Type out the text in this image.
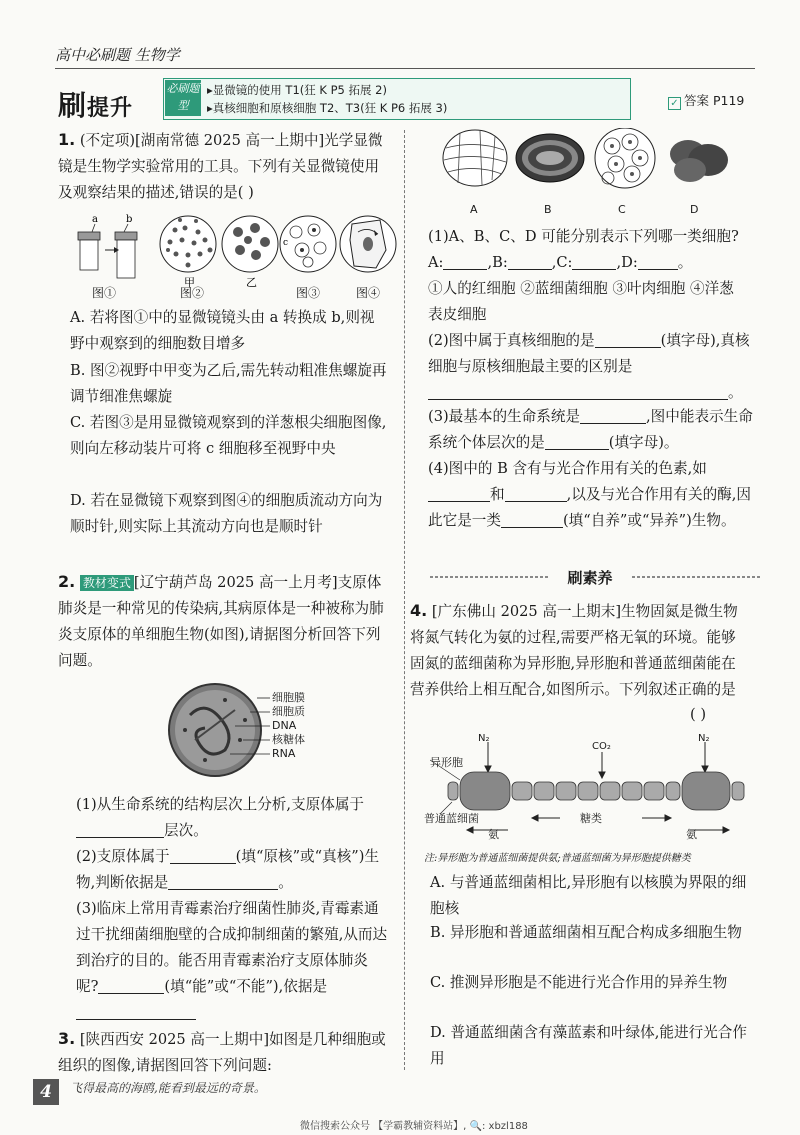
高中必刷题 生物学
刷提升
必刷题型
▸显微镜的使用 T1(狂 K P5 拓展 2)
▸真核细胞和原核细胞 T2、T3(狂 K P6 拓展 3)	✓ 答案 P119
1. (不定项)[湖南常德 2025 高一上期中]光学显微镜是生物学实验常用的工具。下列有关显微镜使用及观察结果的描述,错误的是( )
a	b
甲	乙
c
图①	图②	图③	图④
A. 若将图①中的显微镜镜头由 a 转换成 b,则视野中观察到的细胞数目增多
B. 图②视野中甲变为乙后,需先转动粗准焦螺旋再调节细准焦螺旋
C. 若图③是用显微镜观察到的洋葱根尖细胞图像,则向左移动装片可将 c 细胞移至视野中央
D. 若在显微镜下观察到图④的细胞质流动方向为顺时针,则实际上其流动方向也是顺时针
2. 教材变式 [辽宁葫芦岛 2025 高一上月考]支原体肺炎是一种常见的传染病,其病原体是一种被称为肺炎支原体的单细胞生物(如图),请据图分析回答下列问题。
细胞膜
细胞质
DNA
核糖体
RNA
(1)从生命系统的结构层次上分析,支原体属于层次。
(2)支原体属于	(填“原核”或“真核”)生物,判断依据是	。
(3)临床上常用青霉素治疗细菌性肺炎,青霉素通过干扰细菌细胞壁的合成抑制细菌的繁殖,从而达到治疗的目的。能否用青霉素治疗支原体肺炎呢?	(填“能”或“不能”),依据是
3. [陕西西安 2025 高一上期中]如图是几种细胞或组织的图像,请据图回答下列问题:
A	B	C	D
(1)A、B、C、D 可能分别表示下列哪一类细胞?
A:	,B:	,C:	,D:	。
①人的红细胞 ②蓝细菌细胞 ③叶肉细胞 ④洋葱表皮细胞
(2)图中属于真核细胞的是	(填字母),真核细胞与原核细胞最主要的区别是。
(3)最基本的生命系统是	,图中能表示生命系统个体层次的是	(填字母)。
(4)图中的 B 含有与光合作用有关的色素,如和	,以及与光合作用有关的酶,因此它是一类	(填“自养”或“异养”)生物。
刷素养
4. [广东佛山 2025 高一上期末]生物固氮是微生物将氮气转化为氨的过程,需要严格无氧的环境。能够固氮的蓝细菌称为异形胞,异形胞和普通蓝细菌能在营养供给上相互配合,如图所示。下列叙述正确的是
( )
N₂
CO₂
N₂
异形胞
普通蓝细菌	糖类
氨	氨
注:异形胞为普通蓝细菌提供氨;普通蓝细菌为异形胞提供糖类
A. 与普通蓝细菌相比,异形胞有以核膜为界限的细胞核
B. 异形胞和普通蓝细菌相互配合构成多细胞生物
C. 推测异形胞是不能进行光合作用的异养生物
D. 普通蓝细菌含有藻蓝素和叶绿体,能进行光合作用
4	飞得最高的海鸥,能看到最远的奇景。
微信搜索公众号 【学霸教辅资料站】, 🔍: xbzl188
